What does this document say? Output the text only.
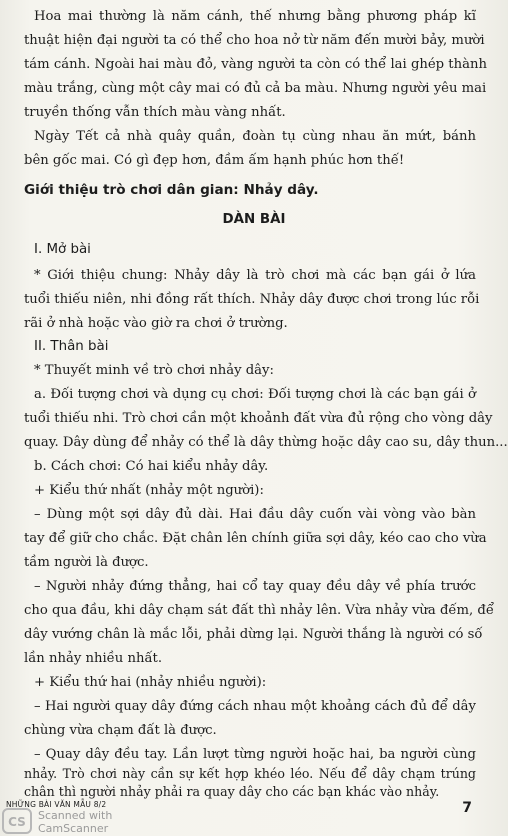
Hoa mai thường là năm cánh, thế nhưng bằng phương pháp kĩ
thuật hiện đại người ta có thể cho hoa nở từ năm đến mười bảy, mười
tám cánh. Ngoài hai màu đỏ, vàng người ta còn có thể lai ghép thành
màu trắng, cùng một cây mai có đủ cả ba màu. Nhưng người yêu mai
truyền thống vẫn thích màu vàng nhất.
Ngày Tết cả nhà quây quần, đoàn tụ cùng nhau ăn mứt, bánh
bên gốc mai. Có gì đẹp hơn, đầm ấm hạnh phúc hơn thế!
Giới thiệu trò chơi dân gian: Nhảy dây.
DÀN BÀI
I. Mở bài
* Giới thiệu chung: Nhảy dây là trò chơi mà các bạn gái ở lứa
tuổi thiếu niên, nhi đồng rất thích. Nhảy dây được chơi trong lúc rỗi
rãi ở nhà hoặc vào giờ ra chơi ở trường.
II. Thân bài
* Thuyết minh về trò chơi nhảy dây:
a. Đối tượng chơi và dụng cụ chơi: Đối tượng chơi là các bạn gái ở
tuổi thiếu nhi. Trò chơi cần một khoảnh đất vừa đủ rộng cho vòng dây
quay. Dây dùng để nhảy có thể là dây thừng hoặc dây cao su, dây thun...
b. Cách chơi: Có hai kiểu nhảy dây.
+ Kiểu thứ nhất (nhảy một người):
– Dùng một sợi dây đủ dài. Hai đầu dây cuốn vài vòng vào bàn
tay để giữ cho chắc. Đặt chân lên chính giữa sợi dây, kéo cao cho vừa
tầm người là được.
– Người nhảy đứng thẳng, hai cổ tay quay đều dây về phía trước
cho qua đầu, khi dây chạm sát đất thì nhảy lên. Vừa nhảy vừa đếm, để
dây vướng chân là mắc lỗi, phải dừng lại. Người thắng là người có số
lần nhảy nhiều nhất.
+ Kiểu thứ hai (nhảy nhiều người):
– Hai người quay dây đứng cách nhau một khoảng cách đủ để dây
chùng vừa chạm đất là được.
– Quay dây đều tay. Lần lượt từng người hoặc hai, ba người cùng
nhảy. Trò chơi này cần sự kết hợp khéo léo. Nếu để dây chạm trúng
chân thì người nhảy phải ra quay dây cho các bạn khác vào nhảy.
NHỮNG BÀI VĂN MẪU 8/2	7
CS Scanned with
CamScanner
